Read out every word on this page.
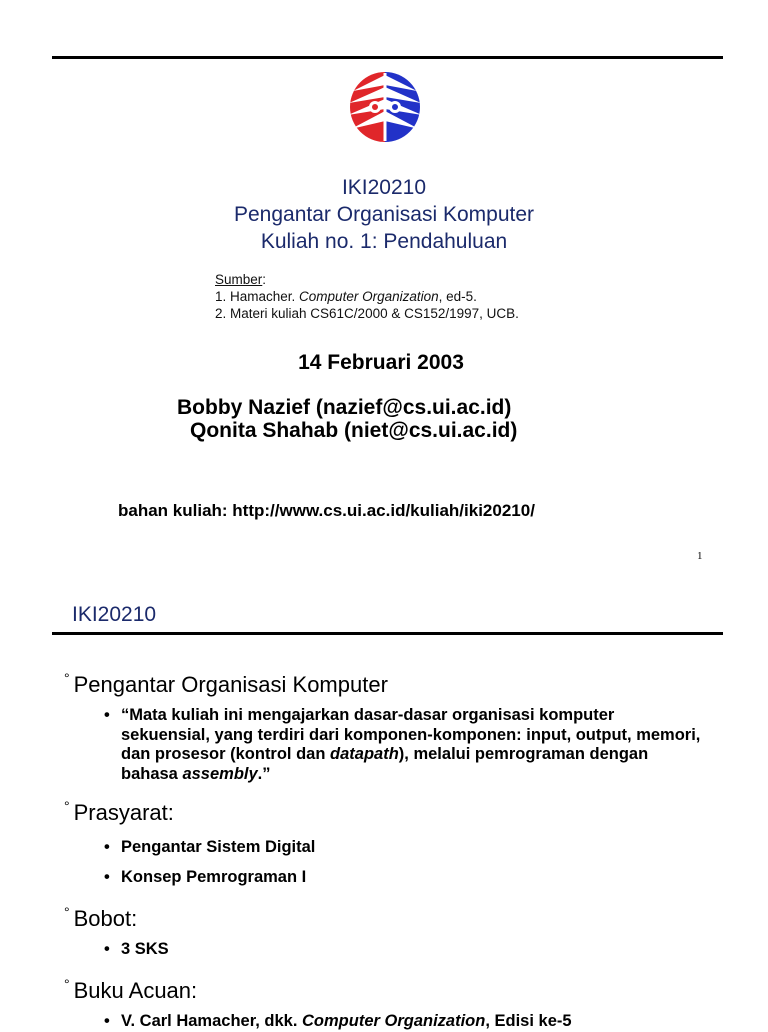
IKI20210
Pengantar Organisasi Komputer
Kuliah no. 1: Pendahuluan
Sumber:
1. Hamacher. Computer Organization, ed-5.
2. Materi kuliah CS61C/2000 & CS152/1997, UCB.
14 Februari 2003
Bobby Nazief (nazief@cs.ui.ac.id)
Qonita Shahab (niet@cs.ui.ac.id)
bahan kuliah: http://www.cs.ui.ac.id/kuliah/iki20210/
1
IKI20210
° Pengantar Organisasi Komputer
• “Mata kuliah ini mengajarkan dasar-dasar organisasi komputer sekuensial, yang terdiri dari komponen-komponen: input, output, memori, dan prosesor (kontrol dan datapath), melalui pemrograman dengan bahasa assembly.”
° Prasyarat:
• Pengantar Sistem Digital
• Konsep Pemrograman I
° Bobot:
• 3 SKS
° Buku Acuan:
• V. Carl Hamacher, dkk. Computer Organization, Edisi ke-5
